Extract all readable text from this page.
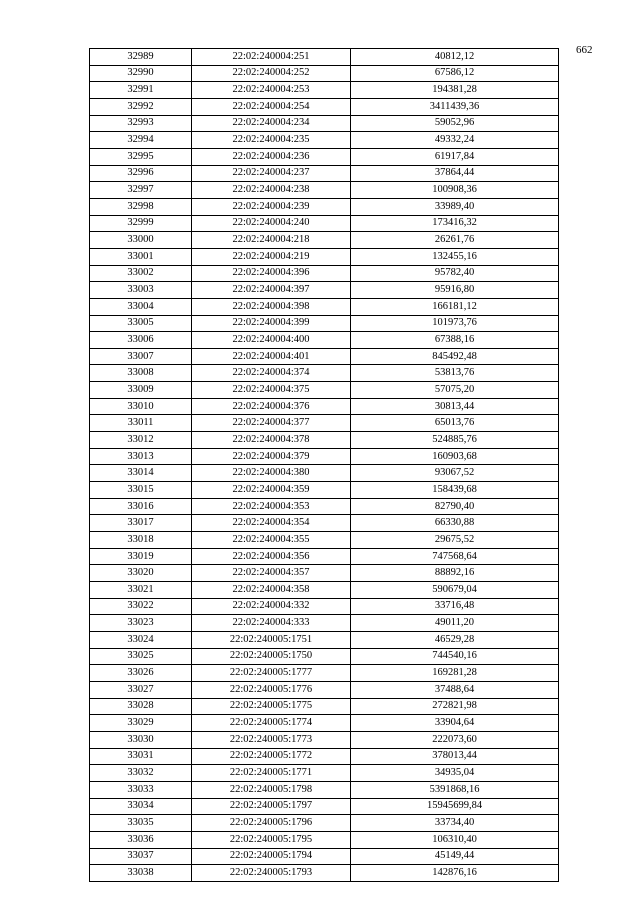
662
32989	22:02:240004:251	40812,12
32990	22:02:240004:252	67586,12
32991	22:02:240004:253	194381,28
32992	22:02:240004:254	3411439,36
32993	22:02:240004:234	59052,96
32994	22:02:240004:235	49332,24
32995	22:02:240004:236	61917,84
32996	22:02:240004:237	37864,44
32997	22:02:240004:238	100908,36
32998	22:02:240004:239	33989,40
32999	22:02:240004:240	173416,32
33000	22:02:240004:218	26261,76
33001	22:02:240004:219	132455,16
33002	22:02:240004:396	95782,40
33003	22:02:240004:397	95916,80
33004	22:02:240004:398	166181,12
33005	22:02:240004:399	101973,76
33006	22:02:240004:400	67388,16
33007	22:02:240004:401	845492,48
33008	22:02:240004:374	53813,76
33009	22:02:240004:375	57075,20
33010	22:02:240004:376	30813,44
33011	22:02:240004:377	65013,76
33012	22:02:240004:378	524885,76
33013	22:02:240004:379	160903,68
33014	22:02:240004:380	93067,52
33015	22:02:240004:359	158439,68
33016	22:02:240004:353	82790,40
33017	22:02:240004:354	66330,88
33018	22:02:240004:355	29675,52
33019	22:02:240004:356	747568,64
33020	22:02:240004:357	88892,16
33021	22:02:240004:358	590679,04
33022	22:02:240004:332	33716,48
33023	22:02:240004:333	49011,20
33024	22:02:240005:1751	46529,28
33025	22:02:240005:1750	744540,16
33026	22:02:240005:1777	169281,28
33027	22:02:240005:1776	37488,64
33028	22:02:240005:1775	272821,98
33029	22:02:240005:1774	33904,64
33030	22:02:240005:1773	222073,60
33031	22:02:240005:1772	378013,44
33032	22:02:240005:1771	34935,04
33033	22:02:240005:1798	5391868,16
33034	22:02:240005:1797	15945699,84
33035	22:02:240005:1796	33734,40
33036	22:02:240005:1795	106310,40
33037	22:02:240005:1794	45149,44
33038	22:02:240005:1793	142876,16
